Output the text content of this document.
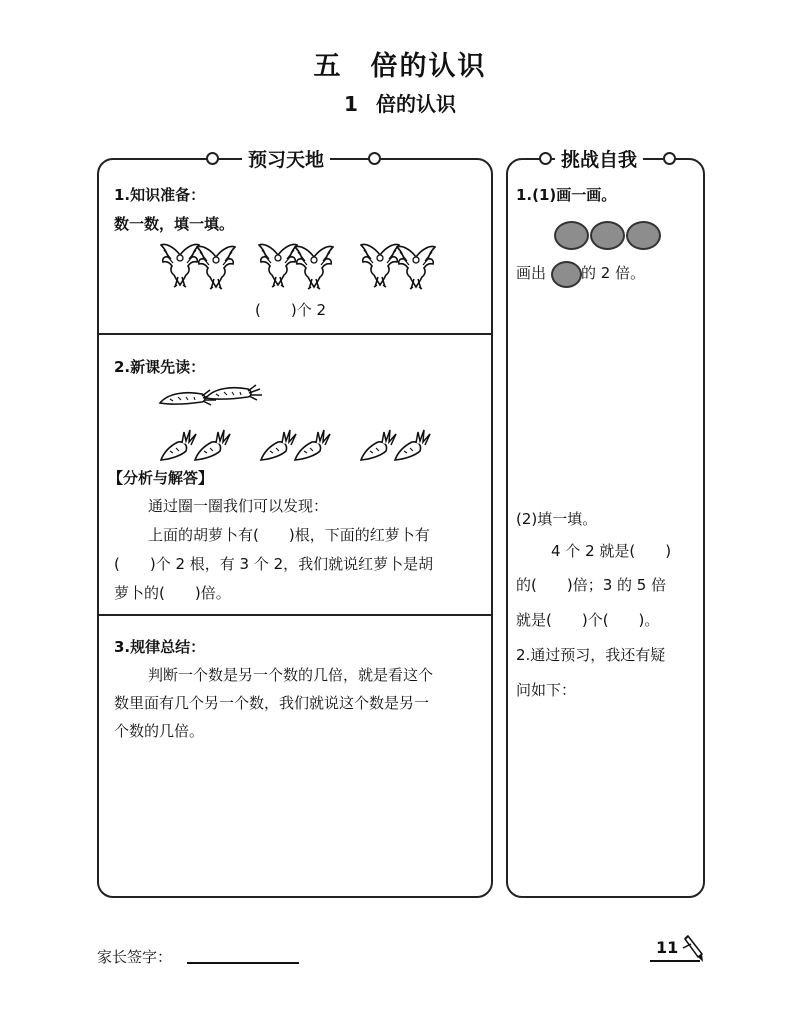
五 倍的认识
1 倍的认识
预习天地	挑战自我
1.知识准备：
数一数，填一填。
(　　)个 2
2.新课先读：
【分析与解答】
通过圈一圈我们可以发现：
上面的胡萝卜有(　　)根，下面的红萝卜有
(　　)个 2 根，有 3 个 2，我们就说红萝卜是胡
萝卜的(　　)倍。
3.规律总结：
判断一个数是另一个数的几倍，就是看这个
数里面有几个另一个数，我们就说这个数是另一
个数的几倍。
1.(1)画一画。
画出 的 2 倍。
(2)填一填。
4 个 2 就是(　　)
的(　　)倍；3 的 5 倍
就是(　　)个(　　)。
2.通过预习，我还有疑
问如下：
家长签字：	11
